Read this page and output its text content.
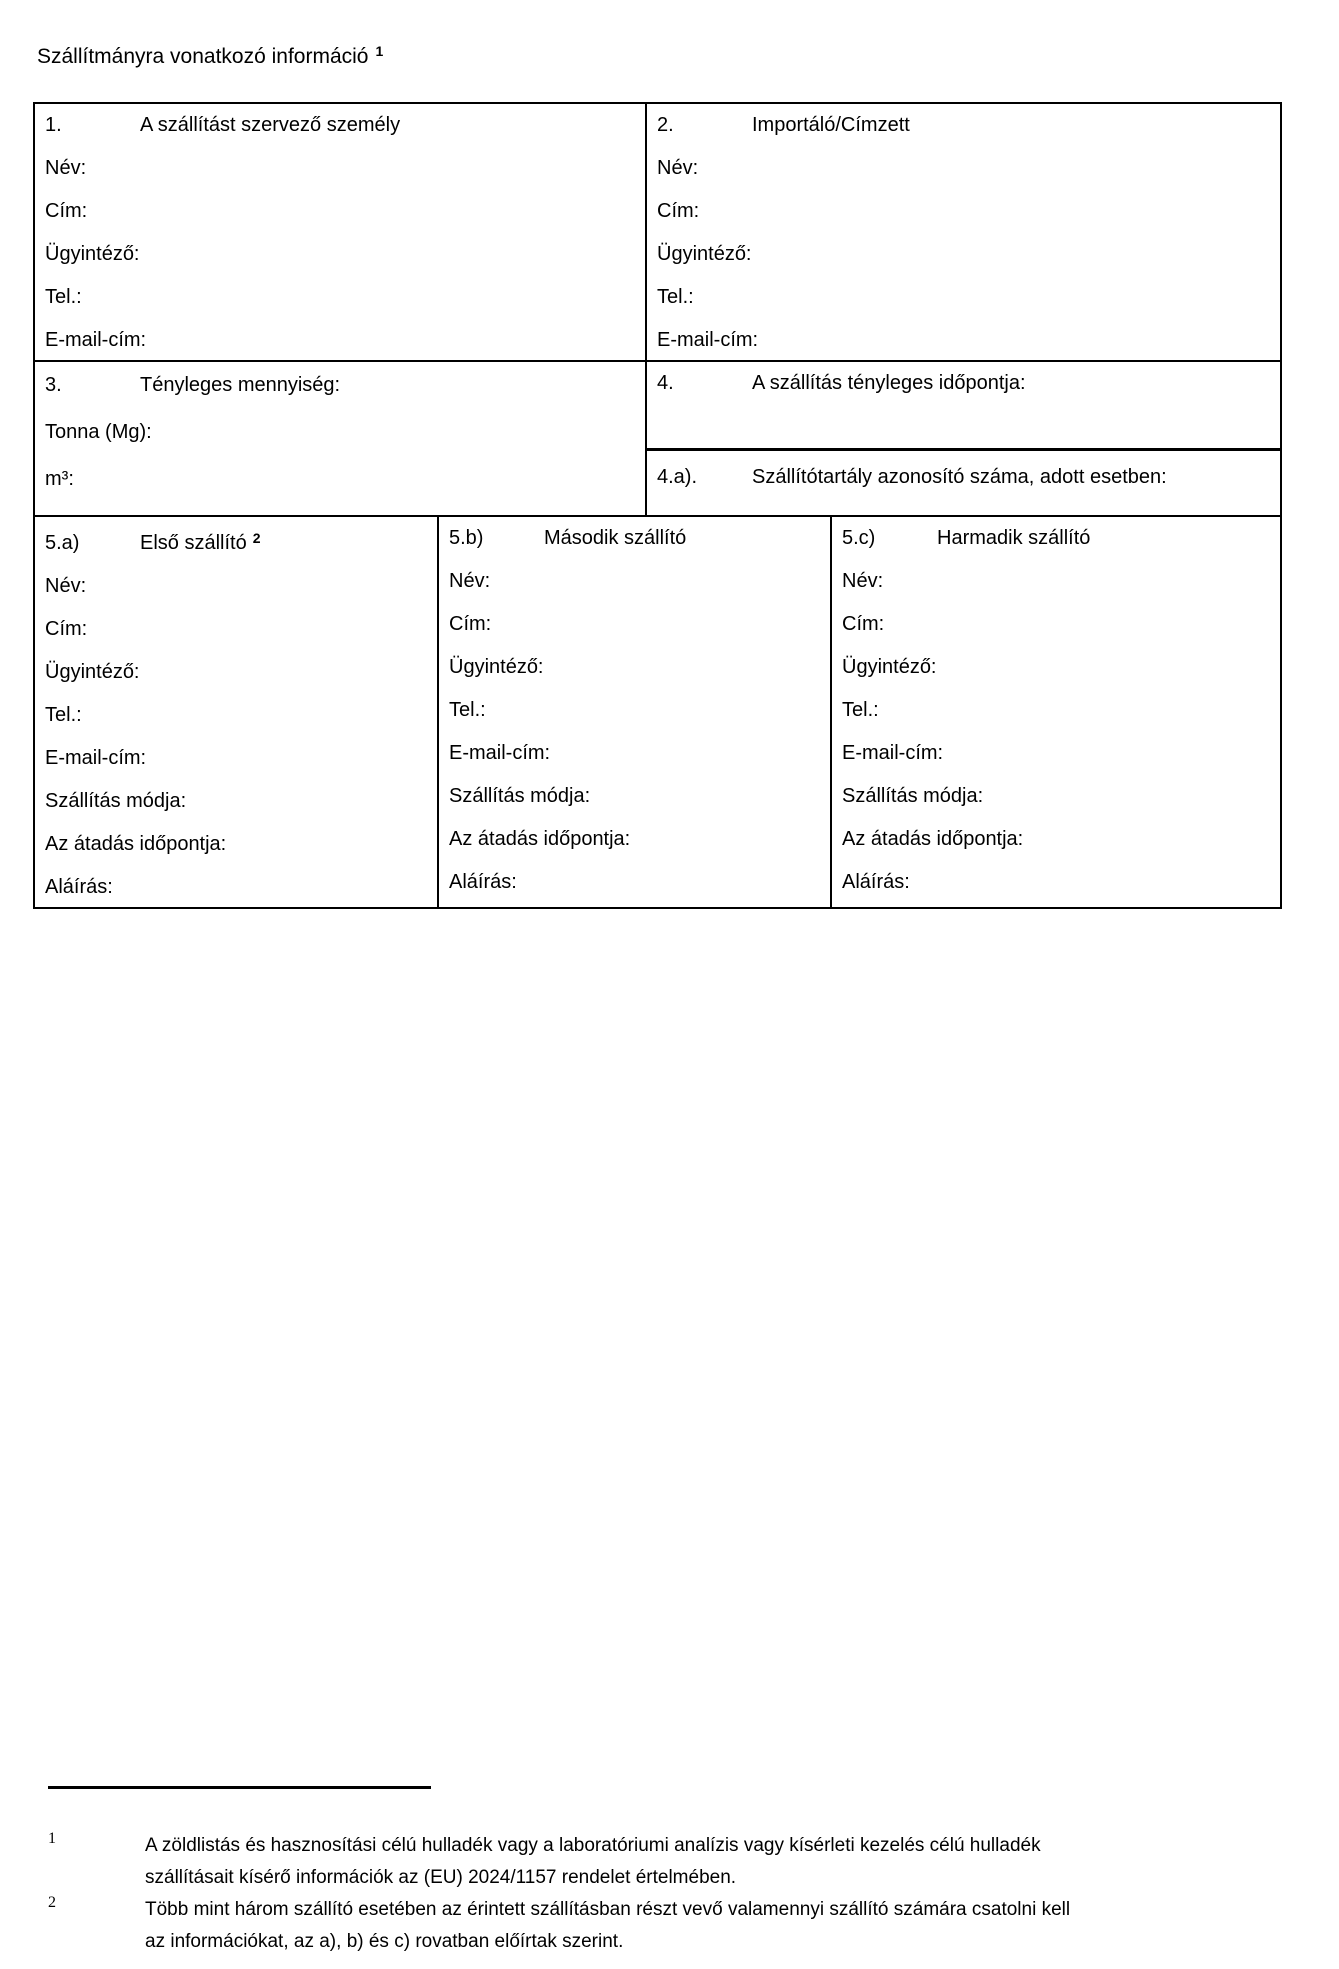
Szállítmányra vonatkozó információ $^1$
1.	A szállítást szervező személy
Név:
Cím:
Ügyintéző:
Tel.:
E-mail-cím:
2.	Importáló/Címzett
Név:
Cím:
Ügyintéző:
Tel.:
E-mail-cím:
3.	Tényleges mennyiség:
Tonna (Mg):
m³:
4.	A szállítás tényleges időpontja:
4.a).	Szállítótartály azonosító száma, adott esetben:
5.a)	Első szállító $^2$
Név:
Cím:
Ügyintéző:
Tel.:
E-mail-cím:
Szállítás módja:
Az átadás időpontja:
Aláírás:
5.b)	Második szállító
Név:
Cím:
Ügyintéző:
Tel.:
E-mail-cím:
Szállítás módja:
Az átadás időpontja:
Aláírás:
5.c)	Harmadik szállító
Név:
Cím:
Ügyintéző:
Tel.:
E-mail-cím:
Szállítás módja:
Az átadás időpontja:
Aláírás:
1	A zöldlistás és hasznosítási célú hulladék vagy a laboratóriumi analízis vagy kísérleti kezelés célú hulladék
szállításait kísérő információk az (EU) 2024/1157 rendelet értelmében.
2	Több mint három szállító esetében az érintett szállításban részt vevő valamennyi szállító számára csatolni kell
az információkat, az a), b) és c) rovatban előírtak szerint.
